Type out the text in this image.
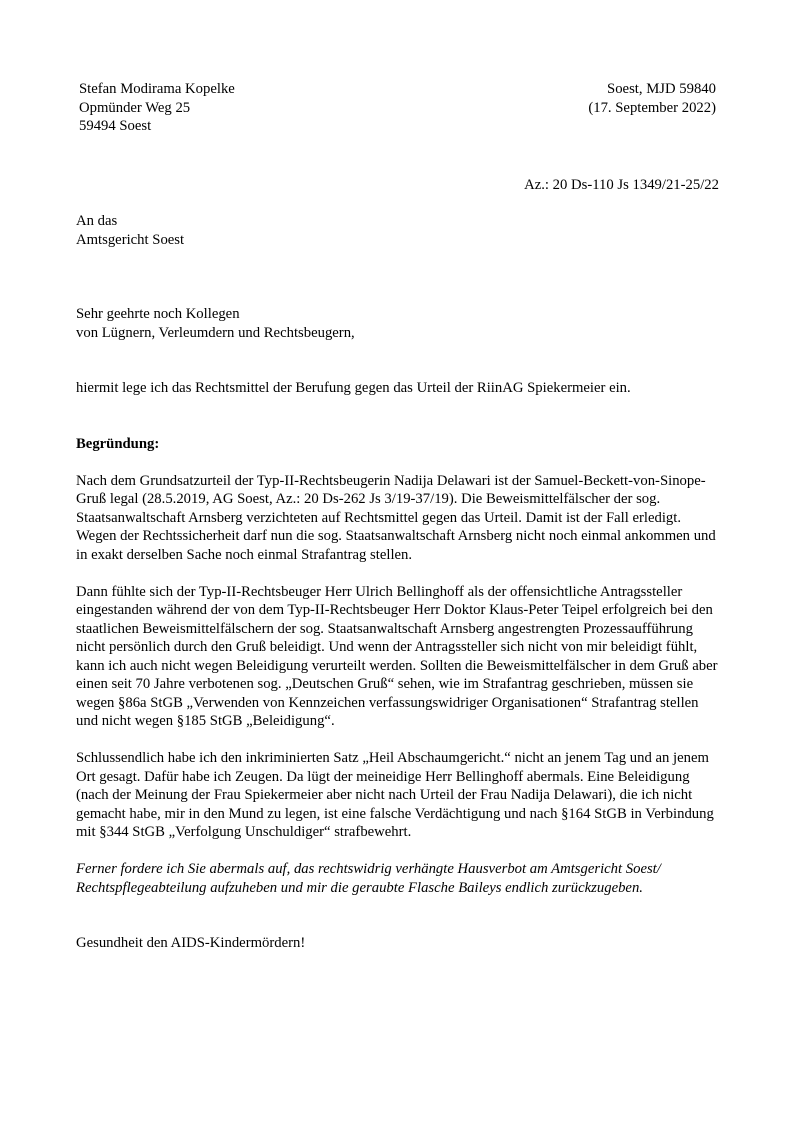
Stefan Modirama Kopelke
Opmünder Weg 25
59494 Soest
Soest, MJD 59840
(17. September 2022)
Az.: 20 Ds-110 Js 1349/21-25/22
An das
Amtsgericht Soest
Sehr geehrte noch Kollegen
von Lügnern, Verleumdern und Rechtsbeugern,

hiermit lege ich das Rechtsmittel der Berufung gegen das Urteil der RiinAG Spiekermeier ein.

Begründung:

Nach dem Grundsatzurteil der Typ-II-Rechtsbeugerin Nadija Delawari ist der Samuel-Beckett-von-Sinope-Gruß legal (28.5.2019, AG Soest, Az.: 20 Ds-262 Js 3/19-37/19). Die Beweismittelfälscher der sog. Staatsanwaltschaft Arnsberg verzichteten auf Rechtsmittel gegen das Urteil. Damit ist der Fall erledigt. Wegen der Rechtssicherheit darf nun die sog. Staatsanwaltschaft Arnsberg nicht noch einmal ankommen und in exakt derselben Sache noch einmal Strafantrag stellen.

Dann fühlte sich der Typ-II-Rechtsbeuger Herr Ulrich Bellinghoff als der offensichtliche Antragssteller eingestanden während der von dem Typ-II-Rechtsbeuger Herr Doktor Klaus-Peter Teipel erfolgreich bei den staatlichen Beweismittelfälschern der sog. Staatsanwaltschaft Arnsberg angestrengten Prozessaufführung nicht persönlich durch den Gruß beleidigt. Und wenn der Antragssteller sich nicht von mir beleidigt fühlt, kann ich auch nicht wegen Beleidigung verurteilt werden. Sollten die Beweismittelfälscher in dem Gruß aber einen seit 70 Jahre verbotenen sog. „Deutschen Gruß“ sehen, wie im Strafantrag geschrieben, müssen sie wegen §86a StGB „Verwenden von Kennzeichen verfassungswidriger Organisationen“ Strafantrag stellen und nicht wegen §185 StGB „Beleidigung“.

Schlussendlich habe ich den inkriminierten Satz „Heil Abschaumgericht.“ nicht an jenem Tag und an jenem Ort gesagt. Dafür habe ich Zeugen. Da lügt der meineidige Herr Bellinghoff abermals. Eine Beleidigung (nach der Meinung der Frau Spiekermeier aber nicht nach Urteil der Frau Nadija Delawari), die ich nicht gemacht habe, mir in den Mund zu legen, ist eine falsche Verdächtigung und nach §164 StGB in Verbindung mit §344 StGB „Verfolgung Unschuldiger“ strafbewehrt.

Ferner fordere ich Sie abermals auf, das rechtswidrig verhängte Hausverbot am Amtsgericht Soest/ Rechtspflegeabteilung aufzuheben und mir die geraubte Flasche Baileys endlich zurückzugeben.

Gesundheit den AIDS-Kindermördern!
